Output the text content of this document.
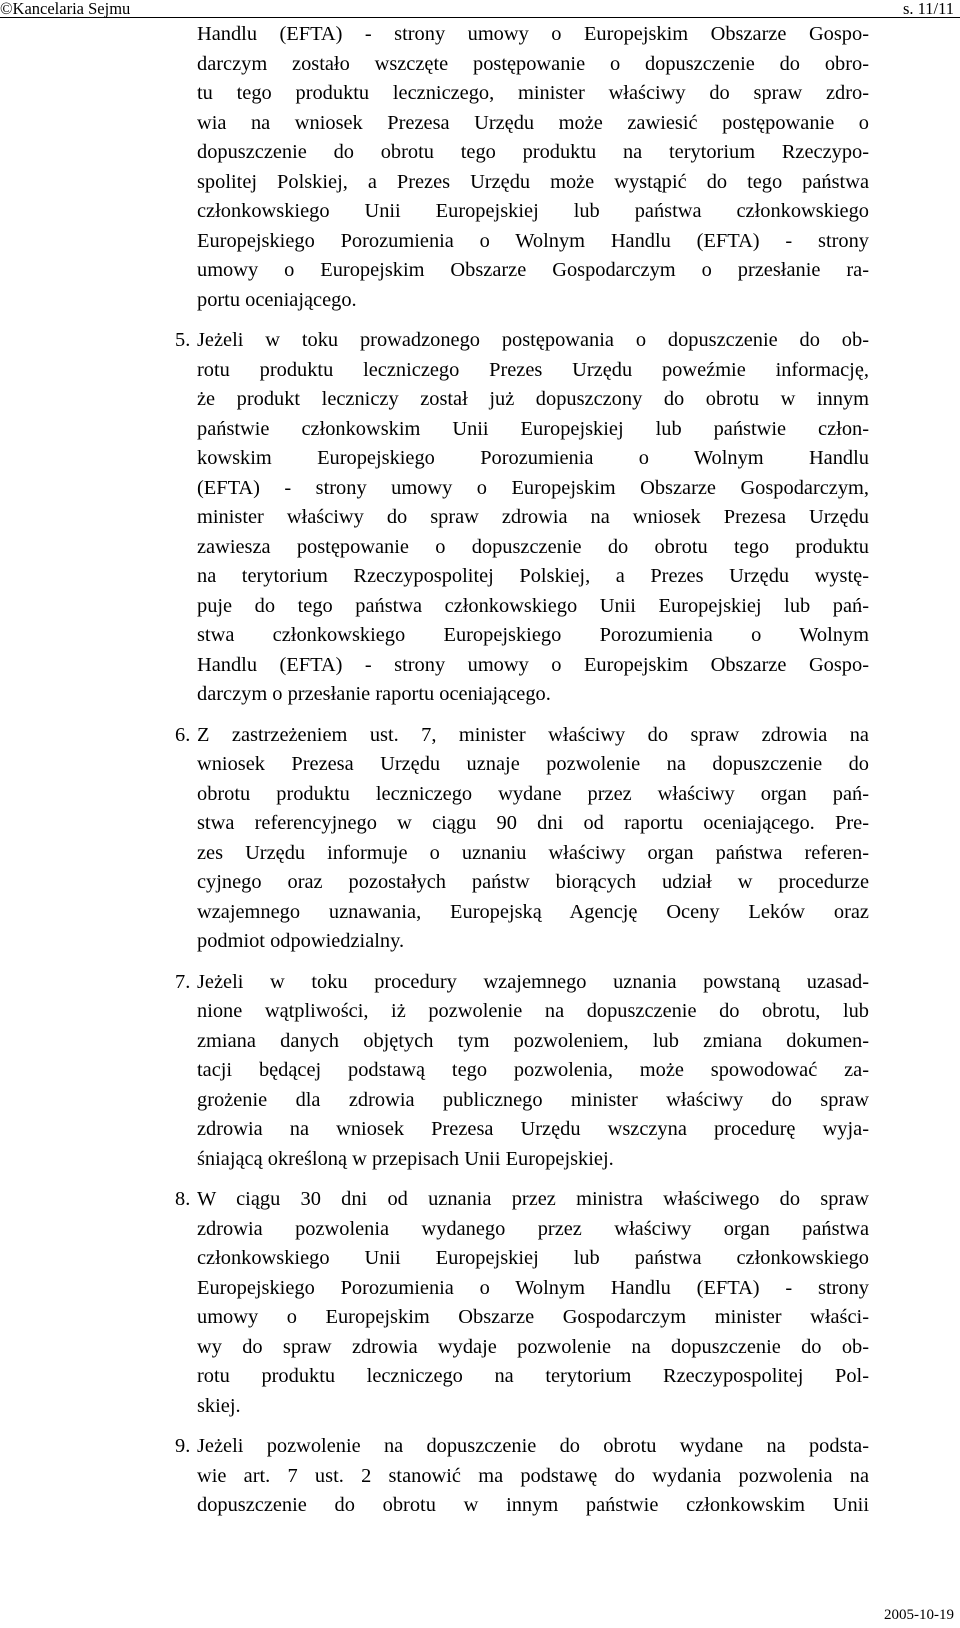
©Kancelaria Sejmu	s. 11/11
Handlu (EFTA) - strony umowy o Europejskim Obszarze Gospo-
darczym zostało wszczęte postępowanie o dopuszczenie do obro-
tu tego produktu leczniczego, minister właściwy do spraw zdro-
wia na wniosek Prezesa Urzędu może zawiesić postępowanie o
dopuszczenie do obrotu tego produktu na terytorium Rzeczypo-
spolitej Polskiej, a Prezes Urzędu może wystąpić do tego państwa
członkowskiego Unii Europejskiej lub państwa członkowskiego
Europejskiego Porozumienia o Wolnym Handlu (EFTA) - strony
umowy o Europejskim Obszarze Gospodarczym o przesłanie ra-
portu oceniającego.
5. Jeżeli w toku prowadzonego postępowania o dopuszczenie do ob-
rotu produktu leczniczego Prezes Urzędu poweźmie informację,
że produkt leczniczy został już dopuszczony do obrotu w innym
państwie członkowskim Unii Europejskiej lub państwie człon-
kowskim Europejskiego Porozumienia o Wolnym Handlu
(EFTA) - strony umowy o Europejskim Obszarze Gospodarczym,
minister właściwy do spraw zdrowia na wniosek Prezesa Urzędu
zawiesza postępowanie o dopuszczenie do obrotu tego produktu
na terytorium Rzeczypospolitej Polskiej, a Prezes Urzędu wystę-
puje do tego państwa członkowskiego Unii Europejskiej lub pań-
stwa członkowskiego Europejskiego Porozumienia o Wolnym
Handlu (EFTA) - strony umowy o Europejskim Obszarze Gospo-
darczym o przesłanie raportu oceniającego.
6. Z zastrzeżeniem ust. 7, minister właściwy do spraw zdrowia na
wniosek Prezesa Urzędu uznaje pozwolenie na dopuszczenie do
obrotu produktu leczniczego wydane przez właściwy organ pań-
stwa referencyjnego w ciągu 90 dni od raportu oceniającego. Pre-
zes Urzędu informuje o uznaniu właściwy organ państwa referen-
cyjnego oraz pozostałych państw biorących udział w procedurze
wzajemnego uznawania, Europejską Agencję Oceny Leków oraz
podmiot odpowiedzialny.
7. Jeżeli w toku procedury wzajemnego uznania powstaną uzasad-
nione wątpliwości, iż pozwolenie na dopuszczenie do obrotu, lub
zmiana danych objętych tym pozwoleniem, lub zmiana dokumen-
tacji będącej podstawą tego pozwolenia, może spowodować za-
grożenie dla zdrowia publicznego minister właściwy do spraw
zdrowia na wniosek Prezesa Urzędu wszczyna procedurę wyja-
śniającą określoną w przepisach Unii Europejskiej.
8. W ciągu 30 dni od uznania przez ministra właściwego do spraw
zdrowia pozwolenia wydanego przez właściwy organ państwa
członkowskiego Unii Europejskiej lub państwa członkowskiego
Europejskiego Porozumienia o Wolnym Handlu (EFTA) - strony
umowy o Europejskim Obszarze Gospodarczym minister właści-
wy do spraw zdrowia wydaje pozwolenie na dopuszczenie do ob-
rotu produktu leczniczego na terytorium Rzeczypospolitej Pol-
skiej.
9. Jeżeli pozwolenie na dopuszczenie do obrotu wydane na podsta-
wie art. 7 ust. 2 stanowić ma podstawę do wydania pozwolenia na
dopuszczenie do obrotu w innym państwie członkowskim Unii
2005-10-19
